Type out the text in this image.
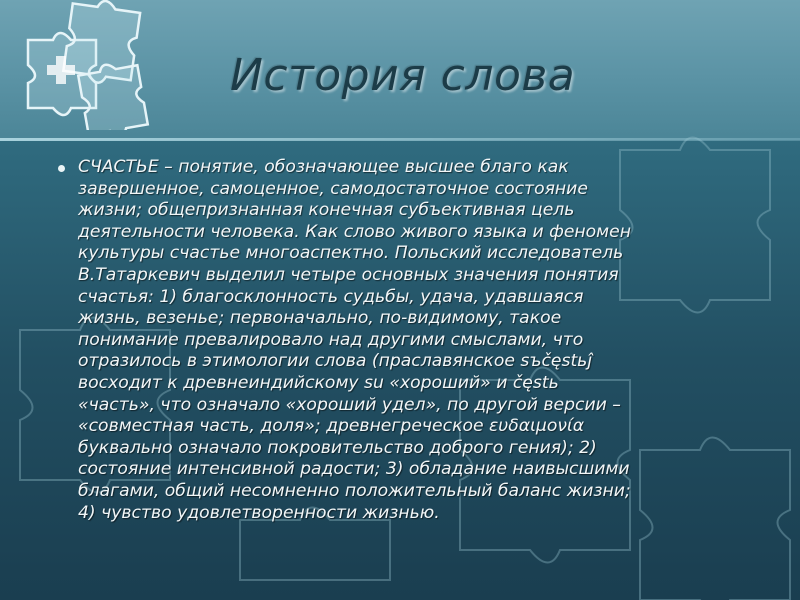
История слова

СЧАСТЬЕ – понятие, обозначающее высшее благо как
завершенное, самоценное, самодостаточное состояние
жизни; общепризнанная конечная субъективная цель
деятельности человека. Как слово живого языка и феномен
культуры счастье многоаспектно. Польский исследователь
В.Татаркевич выделил четыре основных значения понятия
счастья: 1) благосклонность судьбы, удача, удавшаяся
жизнь, везенье; первоначально, по-видимому, такое
понимание превалировало над другими смыслами, что
отразилось в этимологии слова (праславянское sъčęstьĵ
восходит к древнеиндийскому su «хороший» и čęstь
«часть», что означало «хороший удел», по другой версии –
«совместная часть, доля»; древнегреческое ευδαιμονία
буквально означало покровительство доброго гения); 2)
состояние интенсивной радости; 3) обладание наивысшими
благами, общий несомненно положительный баланс жизни;
4) чувство удовлетворенности жизнью.
